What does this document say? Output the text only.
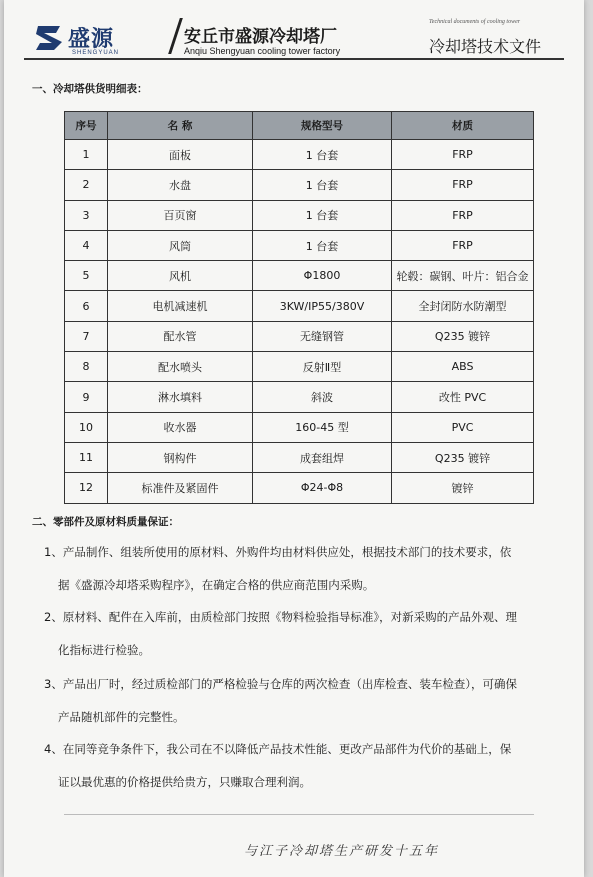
盛源
SHENGYUAN
安丘市盛源冷却塔厂
Anqiu Shengyuan cooling tower factory
Technical documents of cooling tower
冷却塔技术文件
一、冷却塔供货明细表：
序号	名 称	规格型号	材质
1	面板	1 台套	FRP
2	水盘	1 台套	FRP
3	百页窗	1 台套	FRP
4	风筒	1 台套	FRP
5	风机	Φ1800	轮毂：碳钢、叶片：铝合金
6	电机减速机	3KW/IP55/380V	全封闭防水防潮型
7	配水管	无缝钢管	Q235 镀锌
8	配水喷头	反射Ⅱ型	ABS
9	淋水填料	斜波	改性 PVC
10	收水器	160-45 型	PVC
11	钢构件	成套组焊	Q235 镀锌
12	标准件及紧固件	Φ24-Φ8	镀锌
二、零部件及原材料质量保证：
1、产品制作、组装所使用的原材料、外购件均由材料供应处，根据技术部门的技术要求，依
据《盛源冷却塔采购程序》，在确定合格的供应商范围内采购。
2、原材料、配件在入库前，由质检部门按照《物料检验指导标准》，对新采购的产品外观、理
化指标进行检验。
3、产品出厂时，经过质检部门的严格检验与仓库的两次检查（出库检查、装车检查），可确保
产品随机部件的完整性。
4、在同等竞争条件下，我公司在不以降低产品技术性能、更改产品部件为代价的基础上，保
证以最优惠的价格提供给贵方，只赚取合理利润。
与江子冷却塔生产研发十五年
